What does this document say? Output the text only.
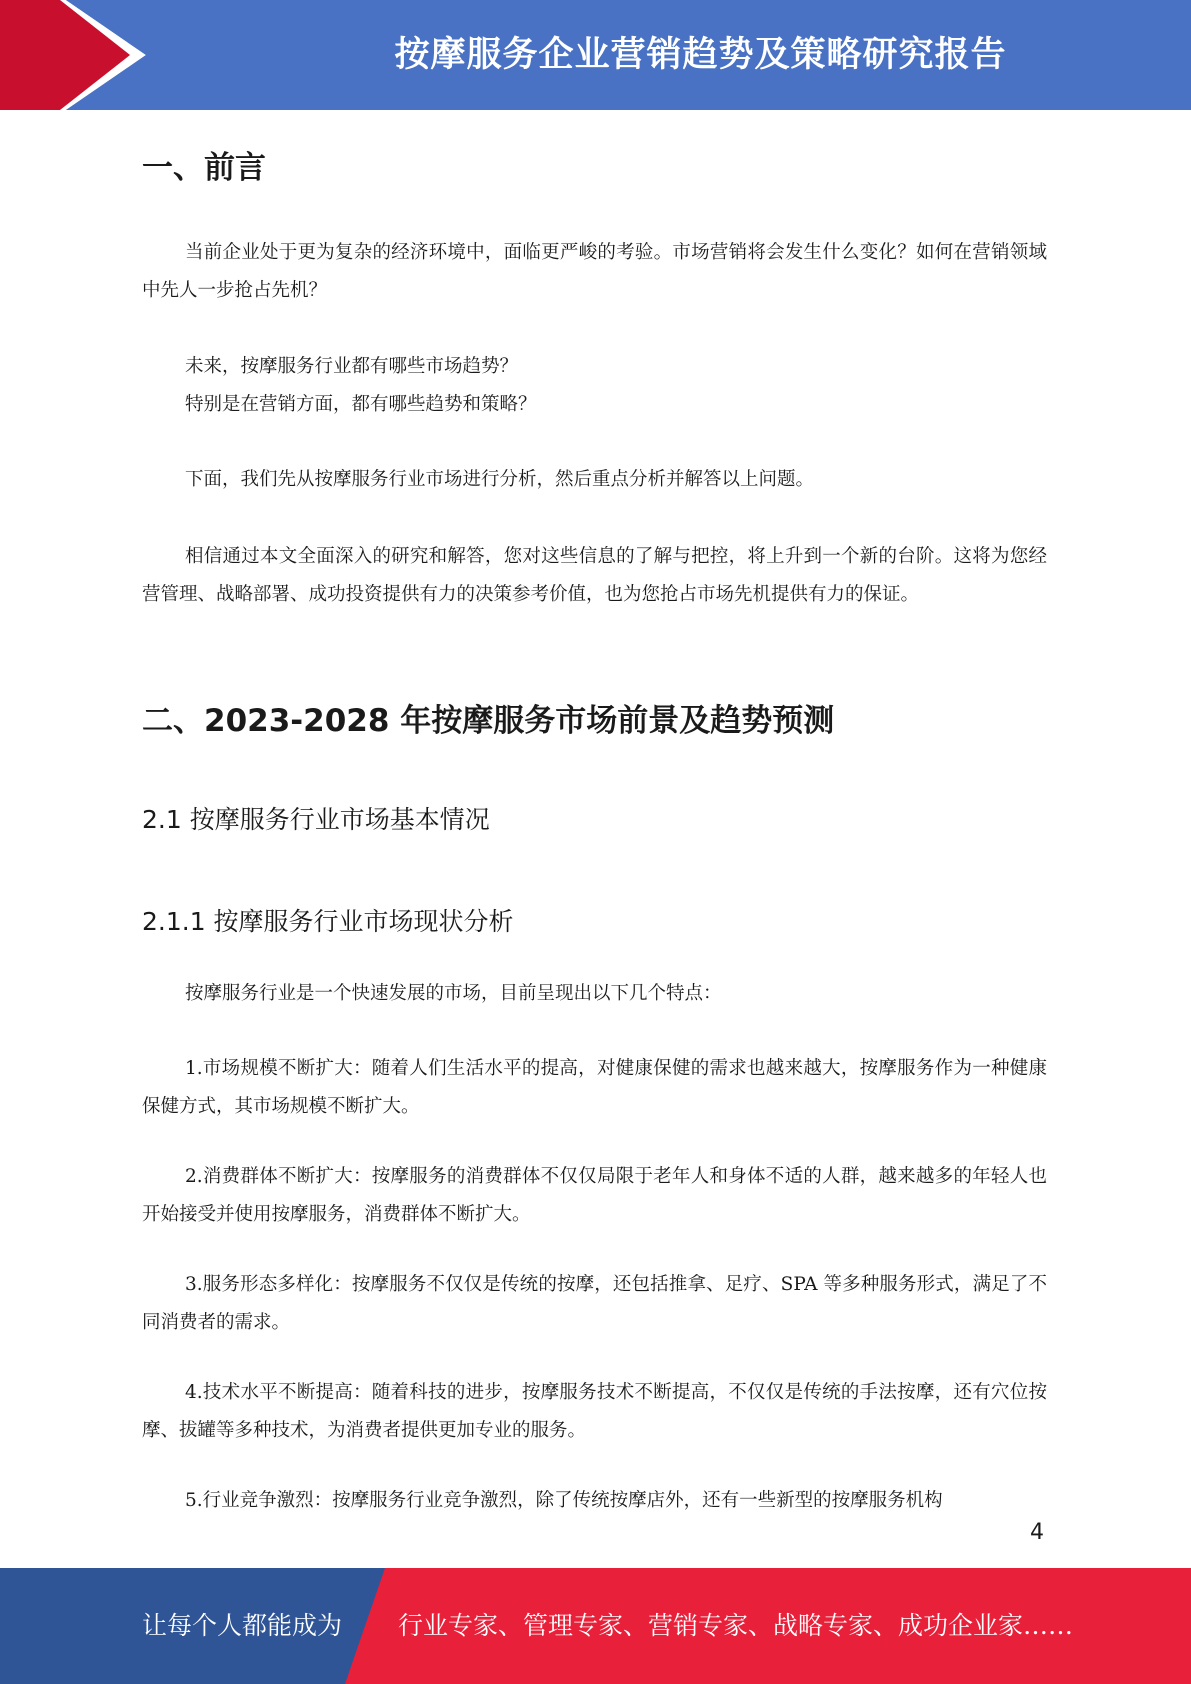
按摩服务企业营销趋势及策略研究报告
一、前言

当前企业处于更为复杂的经济环境中，面临更严峻的考验。市场营销将会发生什么变化？如何在营销领域中先人一步抢占先机？

未来，按摩服务行业都有哪些市场趋势？

特别是在营销方面，都有哪些趋势和策略？

下面，我们先从按摩服务行业市场进行分析，然后重点分析并解答以上问题。

相信通过本文全面深入的研究和解答，您对这些信息的了解与把控，将上升到一个新的台阶。这将为您经营管理、战略部署、成功投资提供有力的决策参考价值，也为您抢占市场先机提供有力的保证。

二、2023-2028 年按摩服务市场前景及趋势预测
2.1 按摩服务行业市场基本情况
2.1.1 按摩服务行业市场现状分析

按摩服务行业是一个快速发展的市场，目前呈现出以下几个特点：

1.市场规模不断扩大：随着人们生活水平的提高，对健康保健的需求也越来越大，按摩服务作为一种健康保健方式，其市场规模不断扩大。

2.消费群体不断扩大：按摩服务的消费群体不仅仅局限于老年人和身体不适的人群，越来越多的年轻人也开始接受并使用按摩服务，消费群体不断扩大。

3.服务形态多样化：按摩服务不仅仅是传统的按摩，还包括推拿、足疗、SPA 等多种服务形式，满足了不同消费者的需求。

4.技术水平不断提高：随着科技的进步，按摩服务技术不断提高，不仅仅是传统的手法按摩，还有穴位按摩、拔罐等多种技术，为消费者提供更加专业的服务。

5.行业竞争激烈：按摩服务行业竞争激烈，除了传统按摩店外，还有一些新型的按摩服务机构

4
让每个人都能成为 行业专家、管理专家、营销专家、战略专家、成功企业家……
